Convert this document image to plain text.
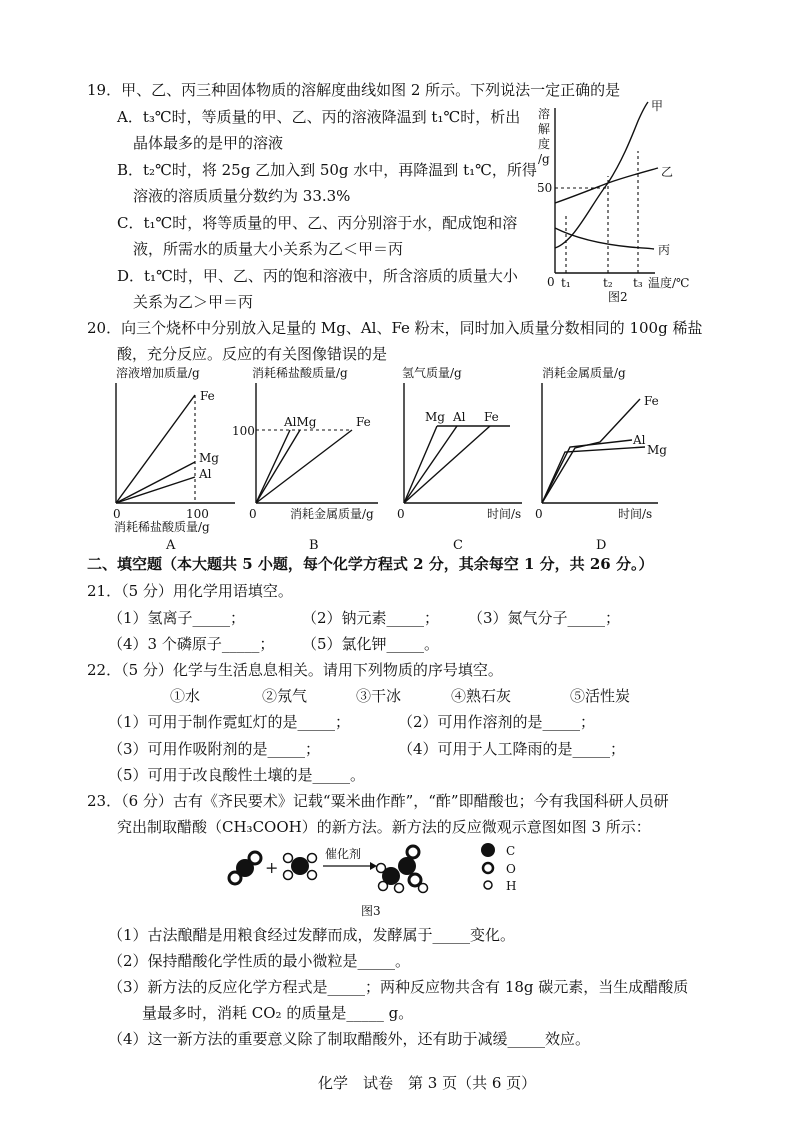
19．甲、乙、丙三种固体物质的溶解度曲线如图 2 所示。下列说法一定正确的是
A．t₃℃时，等质量的甲、乙、丙的溶液降温到 t₁℃时，析出
晶体最多的是甲的溶液
B．t₂℃时，将 25g 乙加入到 50g 水中，再降温到 t₁℃，所得
溶液的溶质质量分数约为 33.3%
C．t₁℃时，将等质量的甲、乙、丙分别溶于水，配成饱和溶
液，所需水的质量大小关系为乙＜甲＝丙
D．t₁℃时，甲、乙、丙的饱和溶液中，所含溶质的质量大小
关系为乙＞甲＝丙
溶
解
度
/g
甲
乙
丙
50
0 t₁	t₂ t₃ 温度/℃
图2
20．向三个烧杯中分别放入足量的 Mg、Al、Fe 粉末，同时加入质量分数相同的 100g 稀盐
酸，充分反应。反应的有关图像错误的是
溶液增加质量/g
Fe
Mg
Al
0	100
消耗稀盐酸质量/g
A
消耗稀盐酸质量/g
AlMg	Fe
100
0	消耗金属质量/g
B
氢气质量/g
Mg Al Fe
0	时间/s
C
消耗金属质量/g
Fe
Al
Mg
0	时间/s
D
二、填空题（本大题共 5 小题，每个化学方程式 2 分，其余每空 1 分，共 26 分。）
21．（5 分）用化学用语填空。
（1）氢离子_____；	（2）钠元素_____； （3）氮气分子_____；
（4）3 个磷原子_____； （5）氯化钾_____。
22．（5 分）化学与生活息息相关。请用下列物质的序号填空。
①水	②氖气	③干冰	④熟石灰	⑤活性炭
（1）可用于制作霓虹灯的是_____；	（2）可用作溶剂的是_____；
（3）可用作吸附剂的是_____；	（4）可用于人工降雨的是_____；
（5）可用于改良酸性土壤的是_____。
23．（6 分）古有《齐民要术》记载“粟米曲作酢”，“酢”即醋酸也；今有我国科研人员研
究出制取醋酸（CH₃COOH）的新方法。新方法的反应微观示意图如图 3 所示：
+
催化剂	C
O
H
图3
（1）古法酿醋是用粮食经过发酵而成，发酵属于_____变化。
（2）保持醋酸化学性质的最小微粒是_____。
（3）新方法的反应化学方程式是_____；两种反应物共含有 18g 碳元素，当生成醋酸质
量最多时，消耗 CO₂ 的质量是_____ g。
（4）这一新方法的重要意义除了制取醋酸外，还有助于减缓_____效应。
化学　试卷　第 3 页（共 6 页）
